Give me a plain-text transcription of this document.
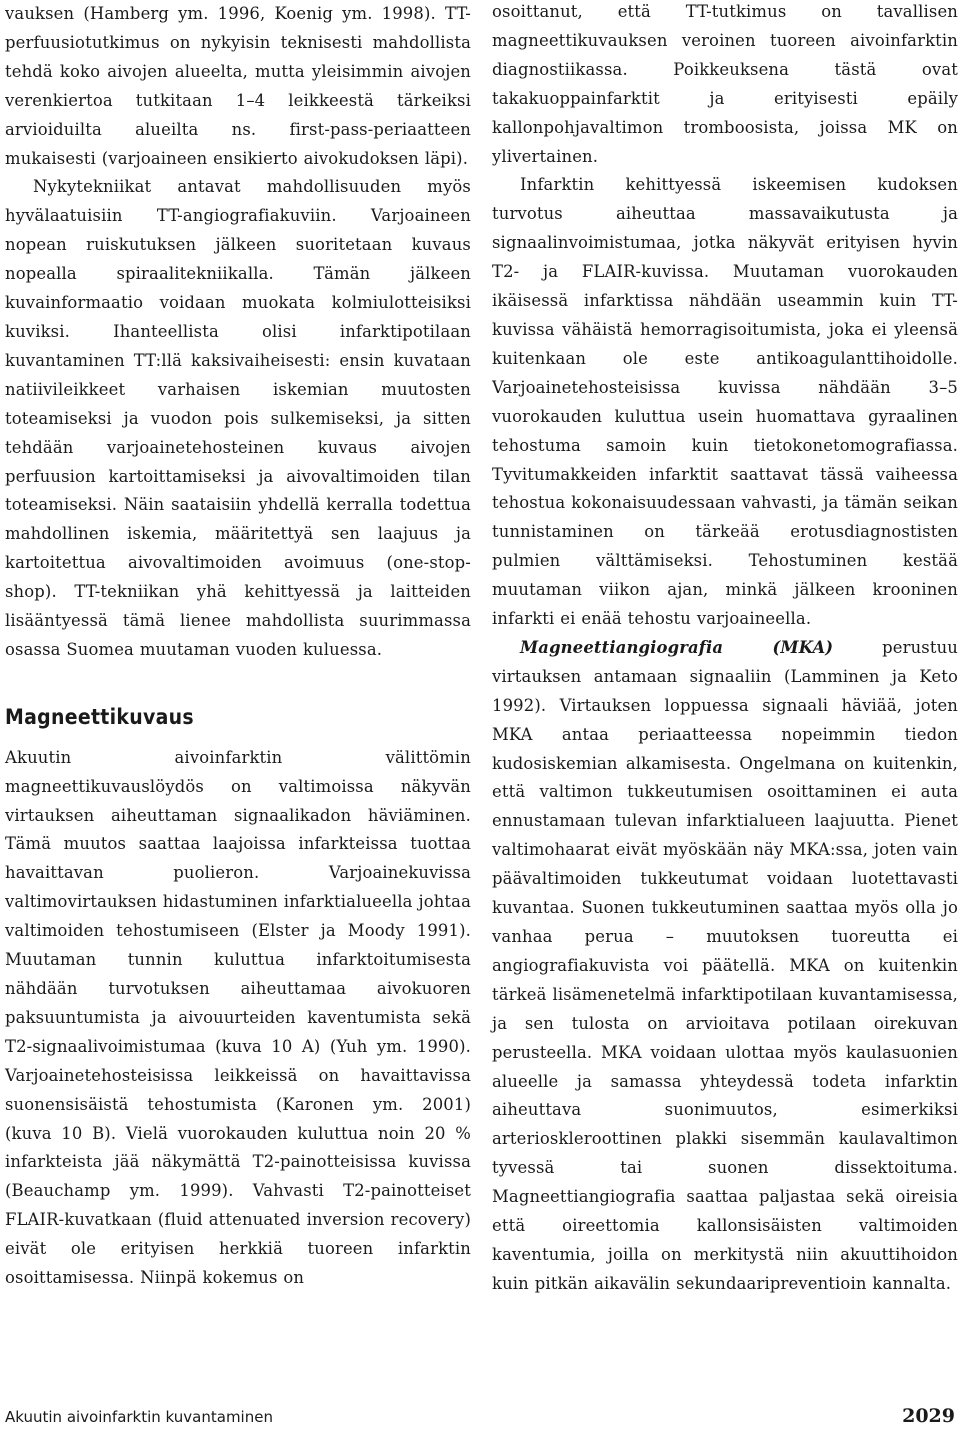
vauksen (Hamberg ym. 1996, Koenig ym. 1998). TT-perfuusiotutkimus on nykyisin teknisesti mahdollista tehdä koko aivojen alueelta, mutta yleisimmin aivojen verenkiertoa tutkitaan 1–4 leikkeestä tärkeiksi arvioiduilta alueilta ns. first-pass-periaatteen mukaisesti (varjoaineen ensikierto aivokudoksen läpi).

Nykytekniikat antavat mahdollisuuden myös hyvälaatuisiin TT-angiografiakuviin. Varjoaineen nopean ruiskutuksen jälkeen suoritetaan kuvaus nopealla spiraalitekniikalla. Tämän jälkeen kuvainformaatio voidaan muokata kolmiulotteisiksi kuviksi. Ihanteellista olisi infarktipotilaan kuvantaminen TT:llä kaksivaiheisesti: ensin kuvataan natiivileikkeet varhaisen iskemian muutosten toteamiseksi ja vuodon pois sulkemiseksi, ja sitten tehdään varjoainetehosteinen kuvaus aivojen perfuusion kartoittamiseksi ja aivovaltimoiden tilan toteamiseksi. Näin saataisiin yhdellä kerralla todettua mahdollinen iskemia, määritettyä sen laajuus ja kartoitettua aivovaltimoiden avoimuus (one-stop-shop). TT-tekniikan yhä kehittyessä ja laitteiden lisääntyessä tämä lienee mahdollista suurimmassa osassa Suomea muutaman vuoden kuluessa.

Magneettikuvaus

Akuutin aivoinfarktin välittömin magneettikuvauslöydös on valtimoissa näkyvän virtauksen aiheuttaman signaalikadon häviäminen. Tämä muutos saattaa laajoissa infarkteissa tuottaa havaittavan puolieron. Varjoainekuvissa valtimovirtauksen hidastuminen infarktialueella johtaa valtimoiden tehostumiseen (Elster ja Moody 1991). Muutaman tunnin kuluttua infarktoitumisesta nähdään turvotuksen aiheuttamaa aivokuoren paksuuntumista ja aivouurteiden kaventumista sekä T2-signaalivoimistumaa (kuva 10 A) (Yuh ym. 1990). Varjoainetehosteisissa leikkeissä on havaittavissa suonensisäistä tehostumista (Karonen ym. 2001) (kuva 10 B). Vielä vuorokauden kuluttua noin 20 % infarkteista jää näkymättä T2-painotteisissa kuvissa (Beauchamp ym. 1999). Vahvasti T2-painotteiset FLAIR-kuvatkaan (fluid attenuated inversion recovery) eivät ole erityisen herkkiä tuoreen infarktin osoittamisessa. Niinpä kokemus on

osoittanut, että TT-tutkimus on tavallisen magneettikuvauksen veroinen tuoreen aivoinfarktin diagnostiikassa. Poikkeuksena tästä ovat takakuoppainfarktit ja erityisesti epäily kallonpohjavaltimon tromboosista, joissa MK on ylivertainen.

Infarktin kehittyessä iskeemisen kudoksen turvotus aiheuttaa massavaikutusta ja signaalinvoimistumaa, jotka näkyvät erityisen hyvin T2- ja FLAIR-kuvissa. Muutaman vuorokauden ikäisessä infarktissa nähdään useammin kuin TT-kuvissa vähäistä hemorragisoitumista, joka ei yleensä kuitenkaan ole este antikoagulanttihoidolle. Varjoainetehosteisissa kuvissa nähdään 3–5 vuorokauden kuluttua usein huomattava gyraalinen tehostuma samoin kuin tietokonetomografiassa. Tyvitumakkeiden infarktit saattavat tässä vaiheessa tehostua kokonaisuudessaan vahvasti, ja tämän seikan tunnistaminen on tärkeää erotusdiagnostisten pulmien välttämiseksi. Tehostuminen kestää muutaman viikon ajan, minkä jälkeen krooninen infarkti ei enää tehostu varjoaineella.

Magneettiangiografia (MKA) perustuu virtauksen antamaan signaaliin (Lamminen ja Keto 1992). Virtauksen loppuessa signaali häviää, joten MKA antaa periaatteessa nopeimmin tiedon kudosiskemian alkamisesta. Ongelmana on kuitenkin, että valtimon tukkeutumisen osoittaminen ei auta ennustamaan tulevan infarktialueen laajuutta. Pienet valtimohaarat eivät myöskään näy MKA:ssa, joten vain päävaltimoiden tukkeutumat voidaan luotettavasti kuvantaa. Suonen tukkeutuminen saattaa myös olla jo vanhaa perua – muutoksen tuoreutta ei angiografiakuvista voi päätellä. MKA on kuitenkin tärkeä lisämenetelmä infarktipotilaan kuvantamisessa, ja sen tulosta on arvioitava potilaan oirekuvan perusteella. MKA voidaan ulottaa myös kaulasuonien alueelle ja samassa yhteydessä todeta infarktin aiheuttava suonimuutos, esimerkiksi arterioskleroottinen plakki sisemmän kaulavaltimon tyvessä tai suonen dissektoituma. Magneettiangiografia saattaa paljastaa sekä oireisia että oireettomia kallonsisäisten valtimoiden kaventumia, joilla on merkitystä niin akuuttihoidon kuin pitkän aikavälin sekundaaripreventioin kannalta.

Akuutin aivoinfarktin kuvantaminen	2029
